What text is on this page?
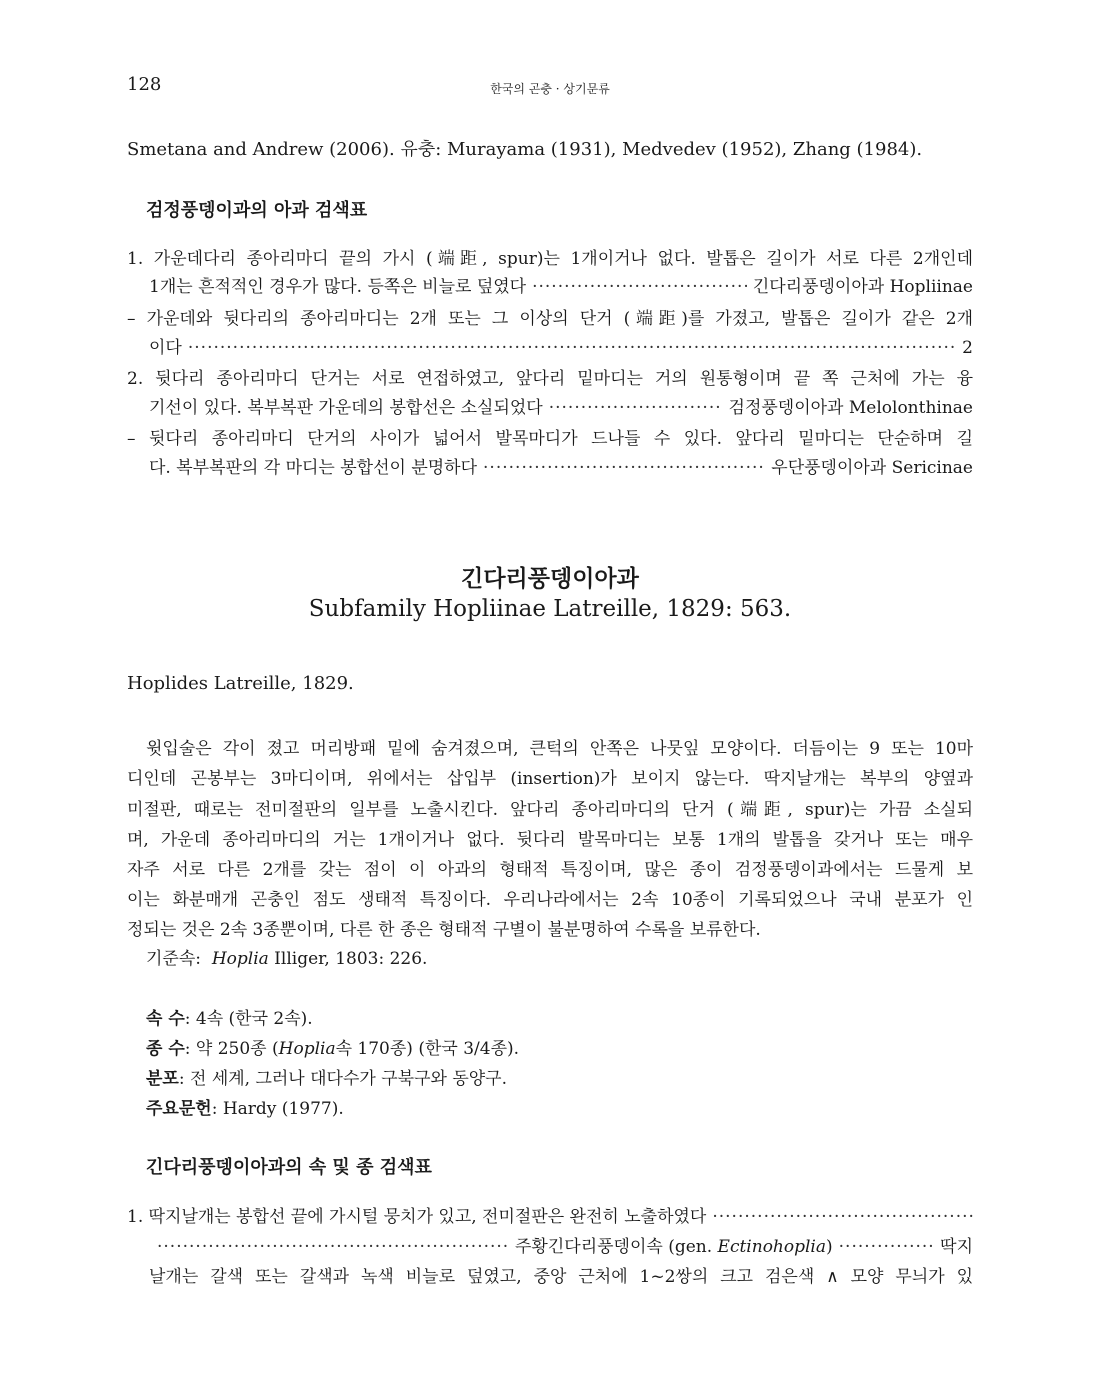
128	한국의 곤충 · 상기문류
Smetana and Andrew (2006). 유충: Murayama (1931), Medvedev (1952), Zhang (1984).
검정풍뎅이과의 아과 검색표
1. 가운데다리 종아리마디 끝의 가시 (端距, spur)는 1개이거나 없다. 발톱은 길이가 서로 다른 2개인데
1개는 흔적적인 경우가 많다. 등쪽은 비늘로 덮였다 ·····	긴다리풍뎅이아과 Hopliinae
– 가운데와 뒷다리의 종아리마디는 2개 또는 그 이상의 단거 (端距)를 가졌고, 발톱은 길이가 같은 2개
이다 ·····	2
2. 뒷다리 종아리마디 단거는 서로 연접하였고, 앞다리 밑마디는 거의 원통형이며 끝 쪽 근처에 가는 융
기선이 있다. 복부복판 가운데의 봉합선은 소실되었다 ·····	검정풍뎅이아과 Melolonthinae
– 뒷다리 종아리마디 단거의 사이가 넓어서 발목마디가 드나들 수 있다. 앞다리 밑마디는 단순하며 길
다. 복부복판의 각 마디는 봉합선이 분명하다 ·····	우단풍뎅이아과 Sericinae
긴다리풍뎅이아과
Subfamily Hopliinae Latreille, 1829: 563.
Hoplides Latreille, 1829.
윗입술은 각이 졌고 머리방패 밑에 숨겨졌으며, 큰턱의 안쪽은 나뭇잎 모양이다. 더듬이는 9 또는 10마
디인데 곤봉부는 3마디이며, 위에서는 삽입부 (insertion)가 보이지 않는다. 딱지날개는 복부의 양옆과
미절판, 때로는 전미절판의 일부를 노출시킨다. 앞다리 종아리마디의 단거 (端距, spur)는 가끔 소실되
며, 가운데 종아리마디의 거는 1개이거나 없다. 뒷다리 발목마디는 보통 1개의 발톱을 갖거나 또는 매우
자주 서로 다른 2개를 갖는 점이 이 아과의 형태적 특징이며, 많은 종이 검정풍뎅이과에서는 드물게 보
이는 화분매개 곤충인 점도 생태적 특징이다. 우리나라에서는 2속 10종이 기록되었으나 국내 분포가 인
정되는 것은 2속 3종뿐이며, 다른 한 종은 형태적 구별이 불분명하여 수록을 보류한다.
기준속: Hoplia Illiger, 1803: 226.
속 수: 4속 (한국 2속).
종 수: 약 250종 (Hoplia속 170종) (한국 3/4종).
분포: 전 세계, 그러나 대다수가 구북구와 동양구.
주요문헌: Hardy (1977).
긴다리풍뎅이아과의 속 및 종 검색표
1. 딱지날개는 봉합선 끝에 가시털 뭉치가 있고, 전미절판은 완전히 노출하였다
·····
·····
주황긴다리풍뎅이속 (gen. Ectinohoplia) ·····	딱지
날개는 갈색 또는 갈색과 녹색 비늘로 덮였고, 중앙 근처에 1~2쌍의 크고 검은색 ∧ 모양 무늬가 있
